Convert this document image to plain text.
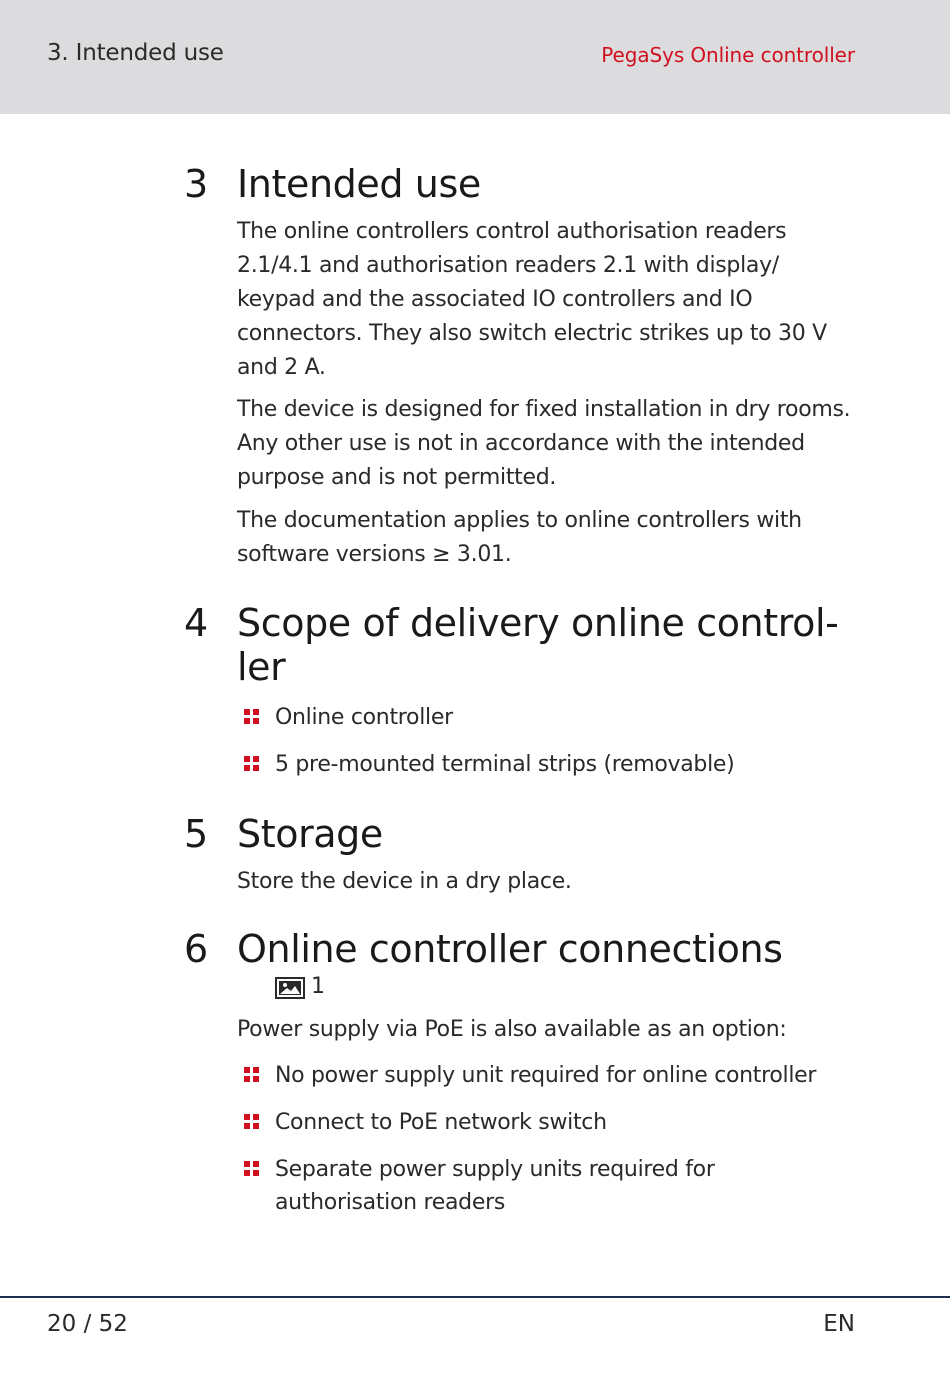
3. Intended use	PegaSys Online controller
3 Intended use
The online controllers control authorisation readers 2.1/4.1 and authorisation readers 2.1 with display/ keypad and the associated IO controllers and IO connectors. They also switch electric strikes up to 30 V and 2 A.
The device is designed for fixed installation in dry rooms. Any other use is not in accordance with the intended purpose and is not permitted.
The documentation applies to online controllers with software versions ≥ 3.01.
4 Scope of delivery online control- ler
Online controller
5 pre-mounted terminal strips (removable)
5 Storage
Store the device in a dry place.
6 Online controller connections
1
Power supply via PoE is also available as an option:
No power supply unit required for online controller
Connect to PoE network switch
Separate power supply units required for authorisation readers
20 / 52	EN
